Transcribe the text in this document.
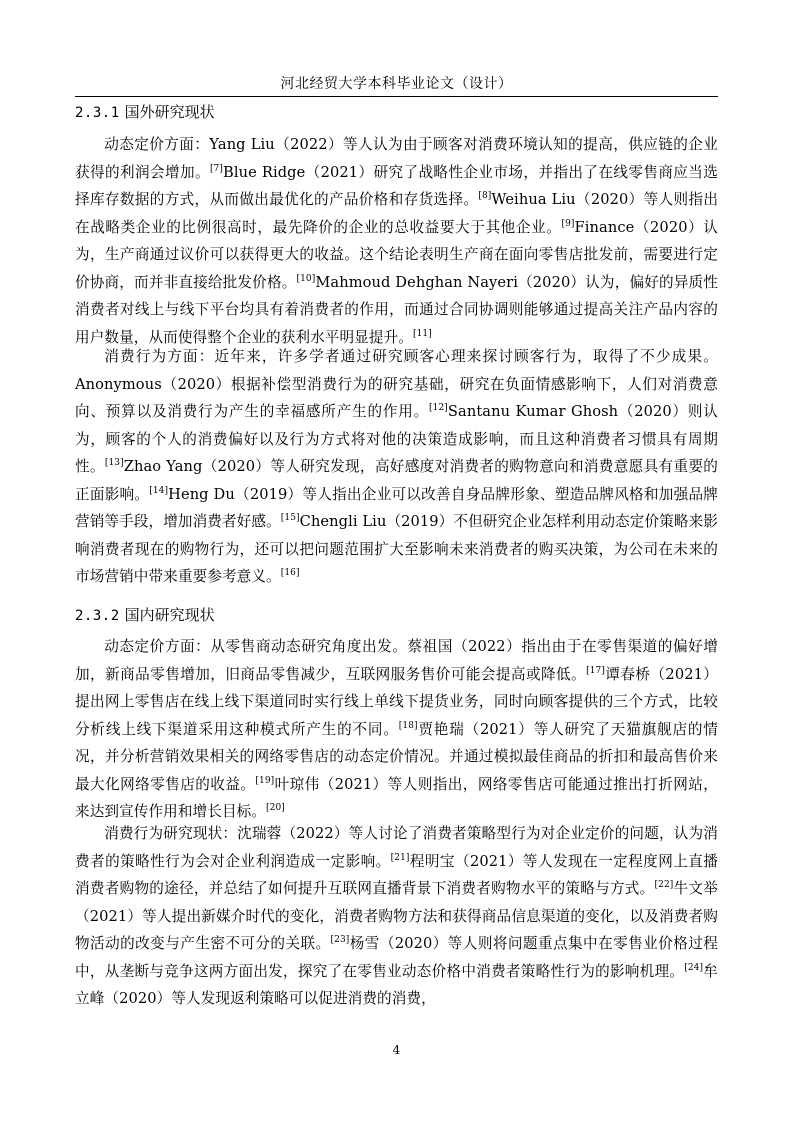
河北经贸大学本科毕业论文（设计）
2.3.1 国外研究现状
动态定价方面：Yang Liu（2022）等人认为由于顾客对消费环境认知的提高，供应链的企业获得的利润会增加。[7]Blue Ridge（2021）研究了战略性企业市场，并指出了在线零售商应当选择库存数据的方式，从而做出最优化的产品价格和存货选择。[8]Weihua Liu（2020）等人则指出在战略类企业的比例很高时，最先降价的企业的总收益要大于其他企业。[9]Finance（2020）认为，生产商通过议价可以获得更大的收益。这个结论表明生产商在面向零售店批发前，需要进行定价协商，而并非直接给批发价格。[10]Mahmoud Dehghan Nayeri（2020）认为，偏好的异质性消费者对线上与线下平台均具有着消费者的作用，而通过合同协调则能够通过提高关注产品内容的用户数量，从而使得整个企业的获利水平明显提升。[11]
消费行为方面：近年来，许多学者通过研究顾客心理来探讨顾客行为，取得了不少成果。Anonymous（2020）根据补偿型消费行为的研究基础，研究在负面情感影响下，人们对消费意向、预算以及消费行为产生的幸福感所产生的作用。[12]Santanu Kumar Ghosh（2020）则认为，顾客的个人的消费偏好以及行为方式将对他的决策造成影响，而且这种消费者习惯具有周期性。[13]Zhao Yang（2020）等人研究发现，高好感度对消费者的购物意向和消费意愿具有重要的正面影响。[14]Heng Du（2019）等人指出企业可以改善自身品牌形象、塑造品牌风格和加强品牌营销等手段，增加消费者好感。[15]Chengli Liu（2019）不但研究企业怎样利用动态定价策略来影响消费者现在的购物行为，还可以把问题范围扩大至影响未来消费者的购买决策，为公司在未来的市场营销中带来重要参考意义。[16]
2.3.2 国内研究现状
动态定价方面：从零售商动态研究角度出发。蔡祖国（2022）指出由于在零售渠道的偏好增加，新商品零售增加，旧商品零售减少，互联网服务售价可能会提高或降低。[17]谭春桥（2021）提出网上零售店在线上线下渠道同时实行线上单线下提货业务，同时向顾客提供的三个方式，比较分析线上线下渠道采用这种模式所产生的不同。[18]贾艳瑞（2021）等人研究了天猫旗舰店的情况，并分析营销效果相关的网络零售店的动态定价情况。并通过模拟最佳商品的折扣和最高售价来最大化网络零售店的收益。[19]叶琼伟（2021）等人则指出，网络零售店可能通过推出打折网站，来达到宣传作用和增长目标。[20]
消费行为研究现状：沈瑞蓉（2022）等人讨论了消费者策略型行为对企业定价的问题，认为消费者的策略性行为会对企业利润造成一定影响。[21]程明宝（2021）等人发现在一定程度网上直播消费者购物的途径，并总结了如何提升互联网直播背景下消费者购物水平的策略与方式。[22]牛文举（2021）等人提出新媒介时代的变化，消费者购物方法和获得商品信息渠道的变化，以及消费者购物活动的改变与产生密不可分的关联。[23]杨雪（2020）等人则将问题重点集中在零售业价格过程中，从垄断与竞争这两方面出发，探究了在零售业动态价格中消费者策略性行为的影响机理。[24]牟立峰（2020）等人发现返利策略可以促进消费的消费，
4
